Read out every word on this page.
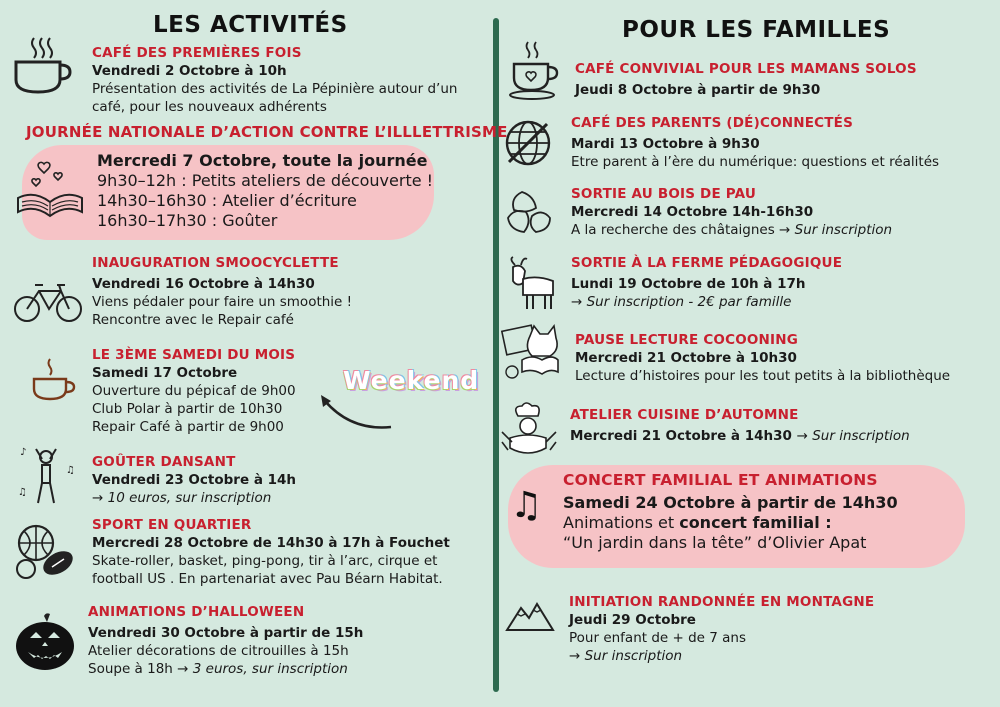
LES ACTIVITÉS	POUR LES FAMILLES
CAFÉ DES PREMIÈRES FOIS
Vendredi 2 Octobre à 10h
Présentation des activités de La Pépinière autour d’un
café, pour les nouveaux adhérents
JOURNÉE NATIONALE D’ACTION CONTRE L’ILLLETTRISME
Mercredi 7 Octobre, toute la journée
9h30–12h : Petits ateliers de découverte !
14h30–16h30 : Atelier d’écriture
16h30–17h30 : Goûter
INAUGURATION SMOOCYCLETTE
Vendredi 16 Octobre à 14h30
Viens pédaler pour faire un smoothie !
Rencontre avec le Repair café
LE 3ÈME SAMEDI DU MOIS
Samedi 17 Octobre
Ouverture du pépicaf de 9h00
Club Polar à partir de 10h30
Repair Café à partir de 9h00
Weekend
♪
♫
♫
GOÛTER DANSANT
Vendredi 23 Octobre à 14h
→ 10 euros, sur inscription
SPORT EN QUARTIER
Mercredi 28 Octobre de 14h30 à 17h à Fouchet
Skate-roller, basket, ping-pong, tir à l’arc, cirque et
football US . En partenariat avec Pau Béarn Habitat.
ANIMATIONS D’HALLOWEEN
Vendredi 30 Octobre à partir de 15h
Atelier décorations de citrouilles à 15h
Soupe à 18h → 3 euros, sur inscription
CAFÉ CONVIVIAL POUR LES MAMANS SOLOS
Jeudi 8 Octobre à partir de 9h30
CAFÉ DES PARENTS (DÉ)CONNECTÉS
Mardi 13 Octobre à 9h30
Etre parent à l’ère du numérique: questions et réalités
SORTIE AU BOIS DE PAU
Mercredi 14 Octobre 14h-16h30
A la recherche des châtaignes → Sur inscription
SORTIE À LA FERME PÉDAGOGIQUE
Lundi 19 Octobre de 10h à 17h
→ Sur inscription - 2€ par famille
PAUSE LECTURE COCOONING
Mercredi 21 Octobre à 10h30
Lecture d’histoires pour les tout petits à la bibliothèque
ATELIER CUISINE D’AUTOMNE
Mercredi 21 Octobre à 14h30 → Sur inscription
♫
CONCERT FAMILIAL ET ANIMATIONS
Samedi 24 Octobre à partir de 14h30
Animations et concert familial :
“Un jardin dans la tête” d’Olivier Apat
INITIATION RANDONNÉE EN MONTAGNE
Jeudi 29 Octobre
Pour enfant de + de 7 ans
→ Sur inscription
